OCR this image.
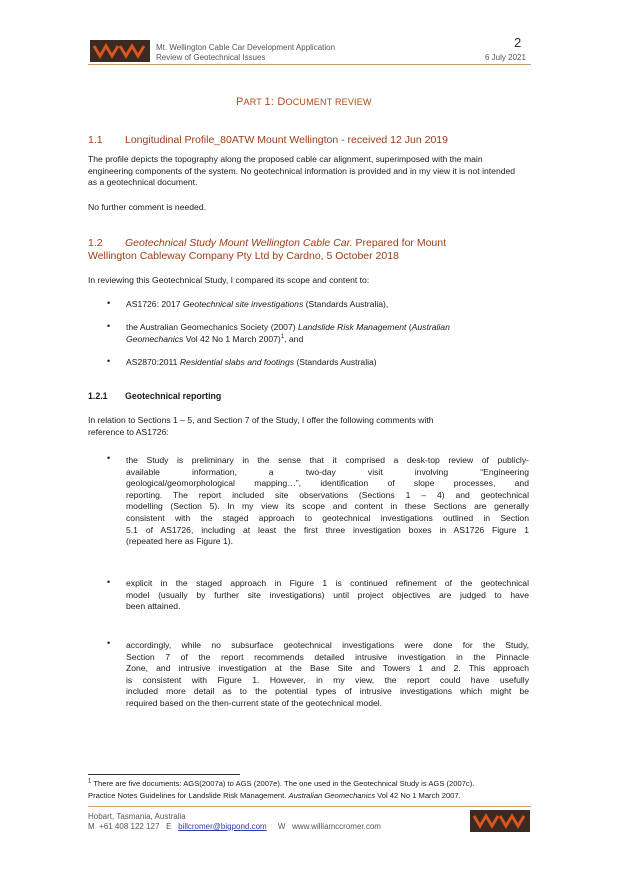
Mt. Wellington Cable Car Development Application
Review of Geotechnical Issues
2
6 July 2021
PART 1: DOCUMENT REVIEW
1.1 Longitudinal Profile_80ATW Mount Wellington - received 12 Jun 2019
The profile depicts the topography along the proposed cable car alignment, superimposed with the main engineering components of the system. No geotechnical information is provided and in my view it is not intended as a geotechnical document.
No further comment is needed.
1.2 Geotechnical Study Mount Wellington Cable Car. Prepared for Mount
Wellington Cableway Company Pty Ltd by Cardno, 5 October 2018
In reviewing this Geotechnical Study, I compared its scope and content to:
• AS1726: 2017 Geotechnical site investigations (Standards Australia),
• the Australian Geomechanics Society (2007) Landslide Risk Management (Australian
Geomechanics Vol 42 No 1 March 2007)$^1$, and
• AS2870:2011 Residential slabs and footings (Standards Australia)
1.2.1 Geotechnical reporting
In relation to Sections 1 – 5, and Section 7 of the Study, I offer the following comments with
reference to AS1726:
• the Study is preliminary in the sense that it comprised a desk-top review of publicly-
available information, a two-day visit involving “Engineering
geological/geomorphological mapping…”, identification of slope processes, and
reporting. The report included site observations (Sections 1 – 4) and geotechnical
modelling (Section 5). In my view its scope and content in these Sections are generally
consistent with the staged approach to geotechnical investigations outlined in Section
5.1 of AS1726, including at least the first three investigation boxes in AS1726 Figure 1
(repeated here as Figure 1).
• explicit in the staged approach in Figure 1 is continued refinement of the geotechnical
model (usually by further site investigations) until project objectives are judged to have
been attained.
• accordingly, while no subsurface geotechnical investigations were done for the Study,
Section 7 of the report recommends detailed intrusive investigation in the Pinnacle
Zone, and intrusive investigation at the Base Site and Towers 1 and 2. This approach
is consistent with Figure 1. However, in my view, the report could have usefully
included more detail as to the potential types of intrusive investigations which might be
required based on the then-current state of the geotechnical model.
$^1$ There are five documents: AGS(2007a) to AGS (2007e). The one used in the Geotechnical Study is AGS (2007c).
Practice Notes Guidelines for Landslide Risk Management. Australian Geomechanics Vol 42 No 1 March 2007.
Hobart, Tasmania, Australia
M +61 408 122 127 E billcromer@bigpond.com W www.williamccromer.com
